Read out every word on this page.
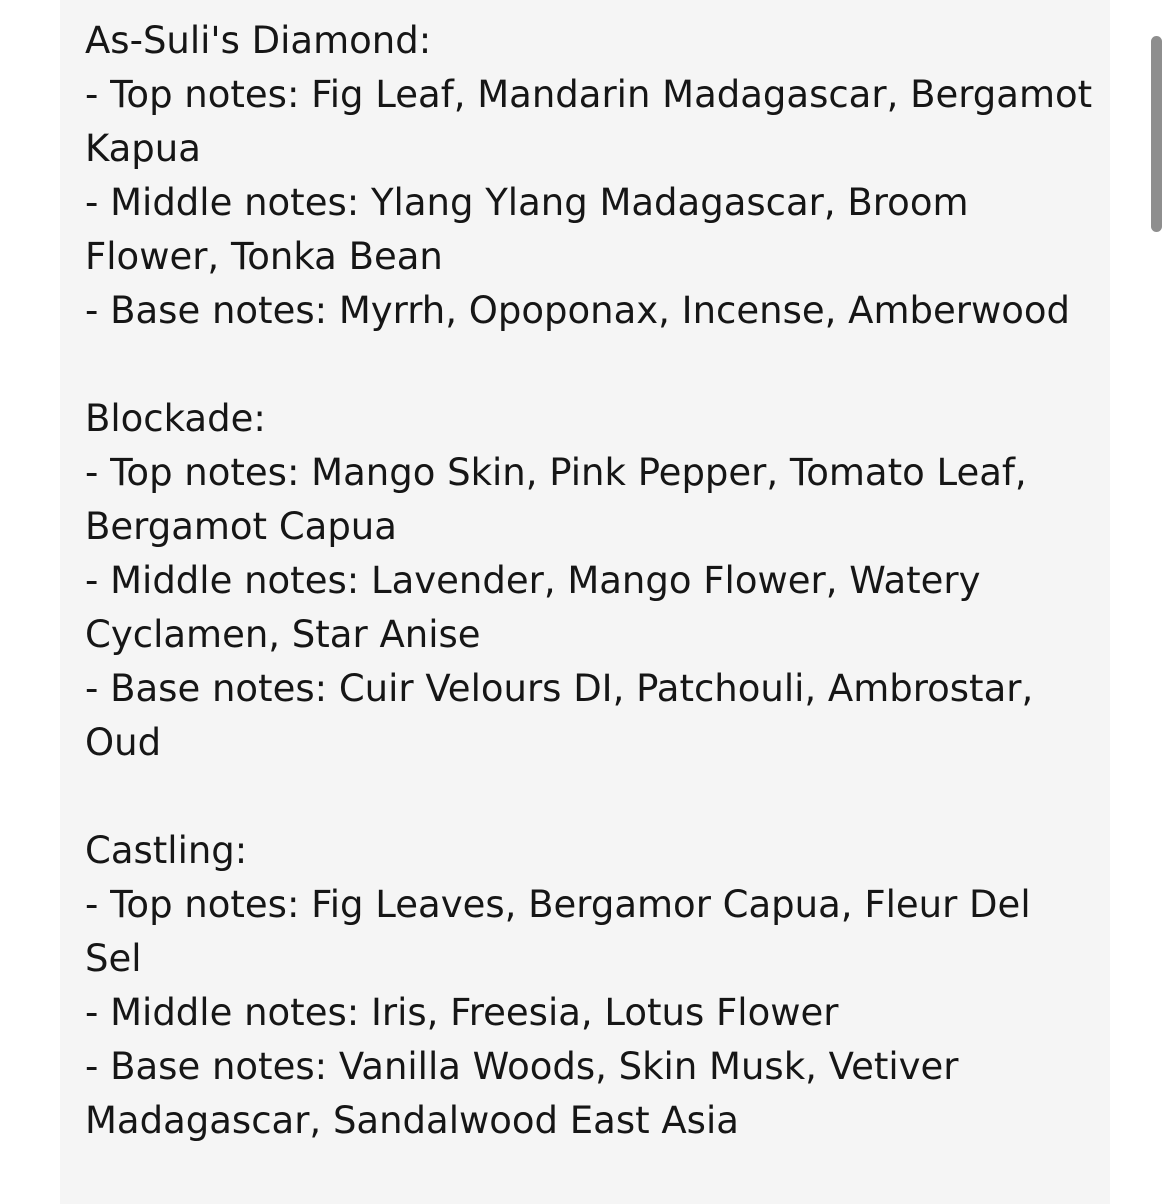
As-Suli's Diamond:
- Top notes: Fig Leaf, Mandarin Madagascar, Bergamot Kapua
- Middle notes: Ylang Ylang Madagascar, Broom Flower, Tonka Bean
- Base notes: Myrrh, Opoponax, Incense, Amberwood
Blockade:
- Top notes: Mango Skin, Pink Pepper, Tomato Leaf, Bergamot Capua
- Middle notes: Lavender, Mango Flower, Watery Cyclamen, Star Anise
- Base notes: Cuir Velours DI, Patchouli, Ambrostar, Oud
Castling:
- Top notes: Fig Leaves, Bergamor Capua, Fleur Del Sel
- Middle notes: Iris, Freesia, Lotus Flower
- Base notes: Vanilla Woods, Skin Musk, Vetiver Madagascar, Sandalwood East Asia
